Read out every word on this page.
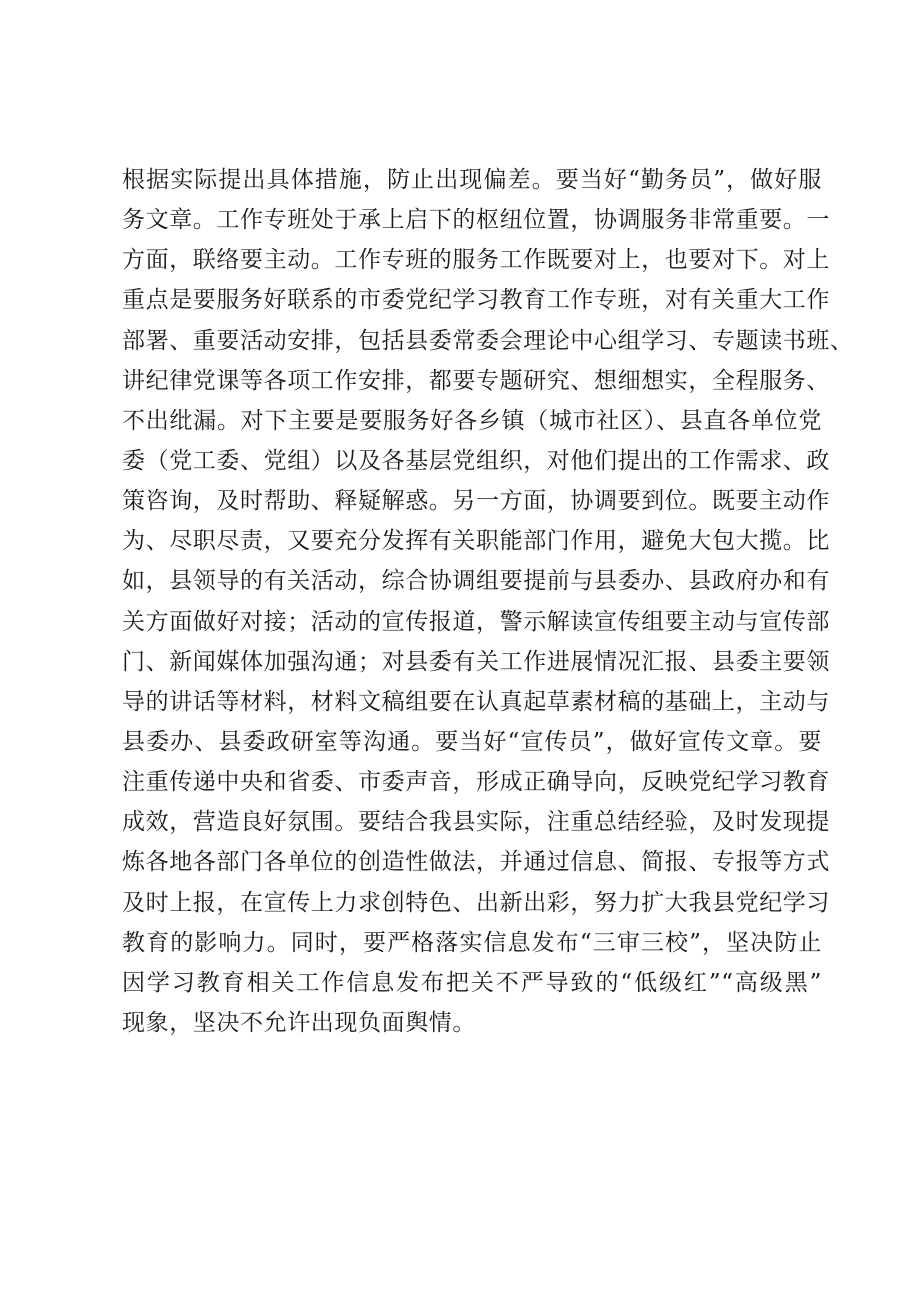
根据实际提出具体措施，防止出现偏差。要当好“勤务员”，做好服
务文章。工作专班处于承上启下的枢纽位置，协调服务非常重要。一
方面，联络要主动。工作专班的服务工作既要对上，也要对下。对上
重点是要服务好联系的市委党纪学习教育工作专班，对有关重大工作
部署、重要活动安排，包括县委常委会理论中心组学习、专题读书班、
讲纪律党课等各项工作安排，都要专题研究、想细想实，全程服务、
不出纰漏。对下主要是要服务好各乡镇（城市社区）、县直各单位党
委（党工委、党组）以及各基层党组织，对他们提出的工作需求、政
策咨询，及时帮助、释疑解惑。另一方面，协调要到位。既要主动作
为、尽职尽责，又要充分发挥有关职能部门作用，避免大包大揽。比
如，县领导的有关活动，综合协调组要提前与县委办、县政府办和有
关方面做好对接；活动的宣传报道，警示解读宣传组要主动与宣传部
门、新闻媒体加强沟通；对县委有关工作进展情况汇报、县委主要领
导的讲话等材料，材料文稿组要在认真起草素材稿的基础上，主动与
县委办、县委政研室等沟通。要当好“宣传员”，做好宣传文章。要
注重传递中央和省委、市委声音，形成正确导向，反映党纪学习教育
成效，营造良好氛围。要结合我县实际，注重总结经验，及时发现提
炼各地各部门各单位的创造性做法，并通过信息、简报、专报等方式
及时上报，在宣传上力求创特色、出新出彩，努力扩大我县党纪学习
教育的影响力。同时，要严格落实信息发布“三审三校”，坚决防止
因学习教育相关工作信息发布把关不严导致的“低级红”“高级黑”
现象，坚决不允许出现负面舆情。
